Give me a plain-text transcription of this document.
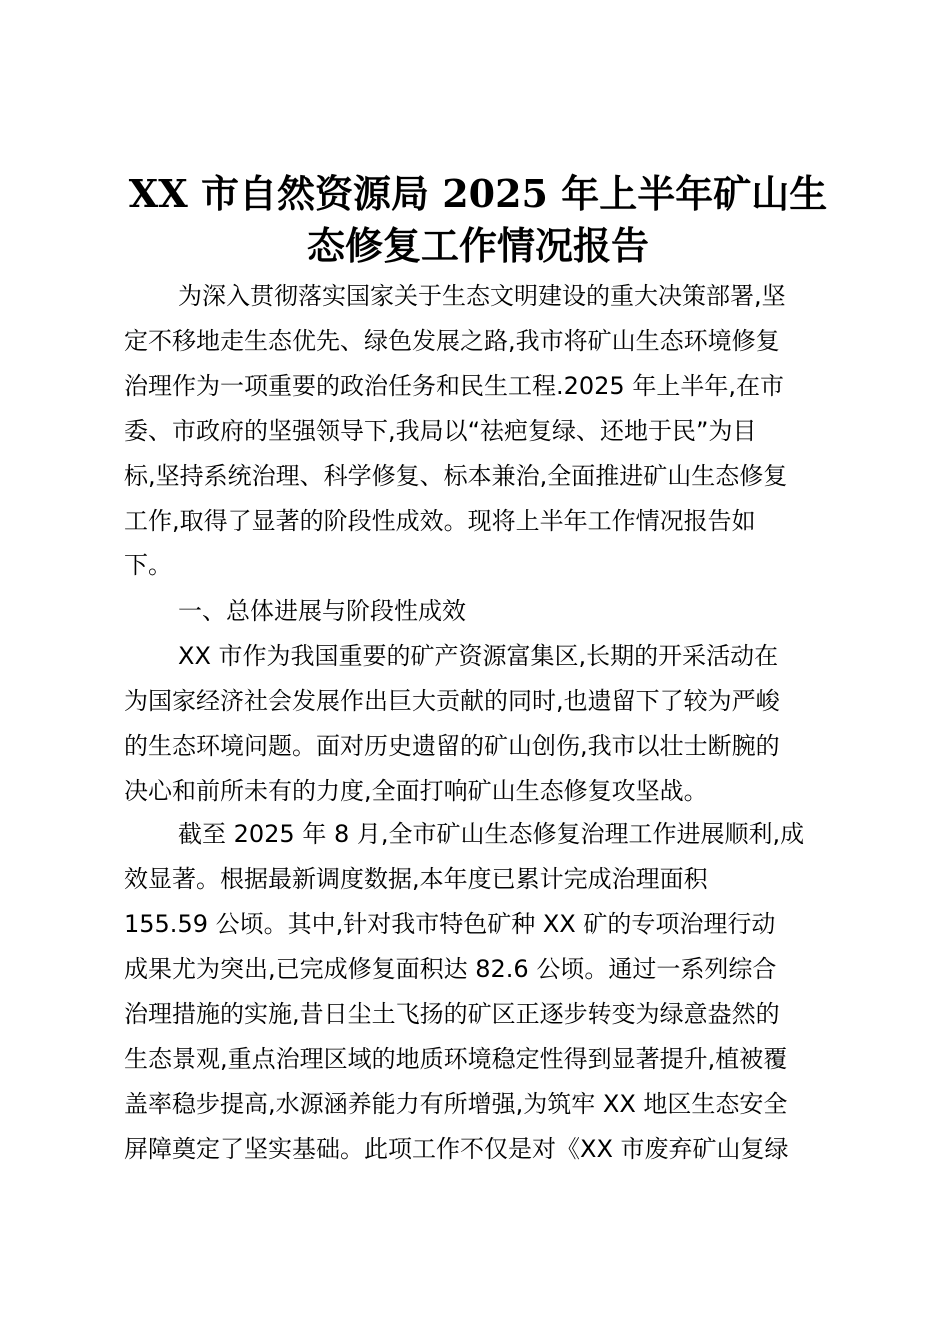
XX 市自然资源局 2025 年上半年矿山生
态修复工作情况报告
为深入贯彻落实国家关于生态文明建设的重大决策部署,坚
定不移地走生态优先、绿色发展之路,我市将矿山生态环境修复
治理作为一项重要的政治任务和民生工程.2025 年上半年,在市
委、市政府的坚强领导下,我局以“祛疤复绿、还地于民”为目
标,坚持系统治理、科学修复、标本兼治,全面推进矿山生态修复
工作,取得了显著的阶段性成效。现将上半年工作情况报告如
下。
一、总体进展与阶段性成效
XX 市作为我国重要的矿产资源富集区,长期的开采活动在
为国家经济社会发展作出巨大贡献的同时,也遗留下了较为严峻
的生态环境问题。面对历史遗留的矿山创伤,我市以壮士断腕的
决心和前所未有的力度,全面打响矿山生态修复攻坚战。
截至 2025 年 8 月,全市矿山生态修复治理工作进展顺利,成
效显著。根据最新调度数据,本年度已累计完成治理面积
155.59 公顷。其中,针对我市特色矿种 XX 矿的专项治理行动
成果尤为突出,已完成修复面积达 82.6 公顷。通过一系列综合
治理措施的实施,昔日尘土飞扬的矿区正逐步转变为绿意盎然的
生态景观,重点治理区域的地质环境稳定性得到显著提升,植被覆
盖率稳步提高,水源涵养能力有所增强,为筑牢 XX 地区生态安全
屏障奠定了坚实基础。此项工作不仅是对《XX 市废弃矿山复绿
